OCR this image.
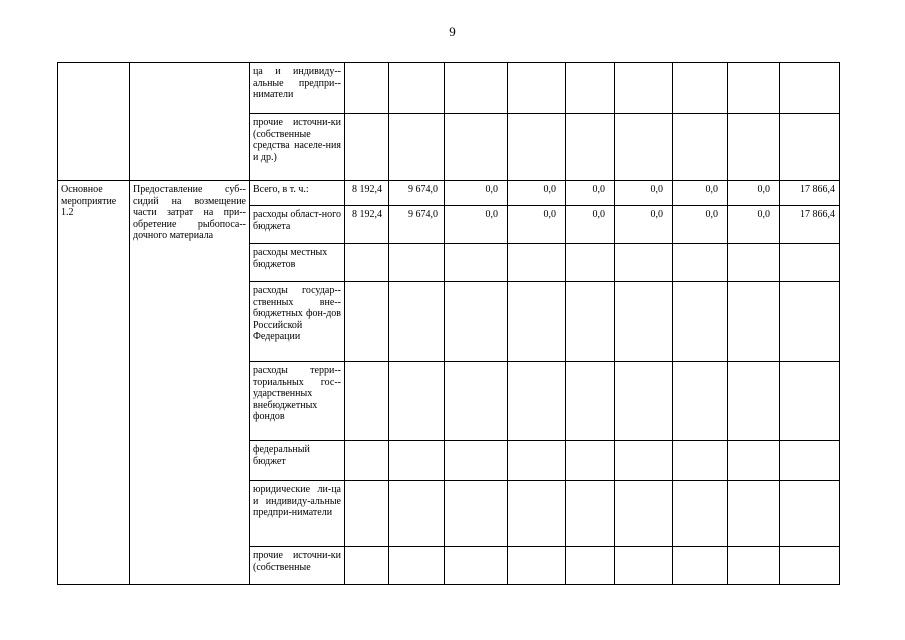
9
		ца и индивиду-альные предпри-ниматели									
		прочие источни-ки (собственные средства населе-ния и др.)									
Основное мероприятие 1.2	Предоставление суб-сидий на возмещение части затрат на при-обретение рыбопоса-дочного материала	Всего, в т. ч.:	8 192,4	9 674,0	0,0	0,0	0,0	0,0	0,0	0,0	17 866,4
		расходы област-ного бюджета	8 192,4	9 674,0	0,0	0,0	0,0	0,0	0,0	0,0	17 866,4
		расходы местных бюджетов									
		расходы государ-ственных вне-бюджетных фон-дов Российской Федерации									
		расходы терри-ториальных гос-ударственных внебюджетных фондов									
		федеральный бюджет									
		юридические ли-ца и индивиду-альные предпри-ниматели									
		прочие источни-ки (собственные									
